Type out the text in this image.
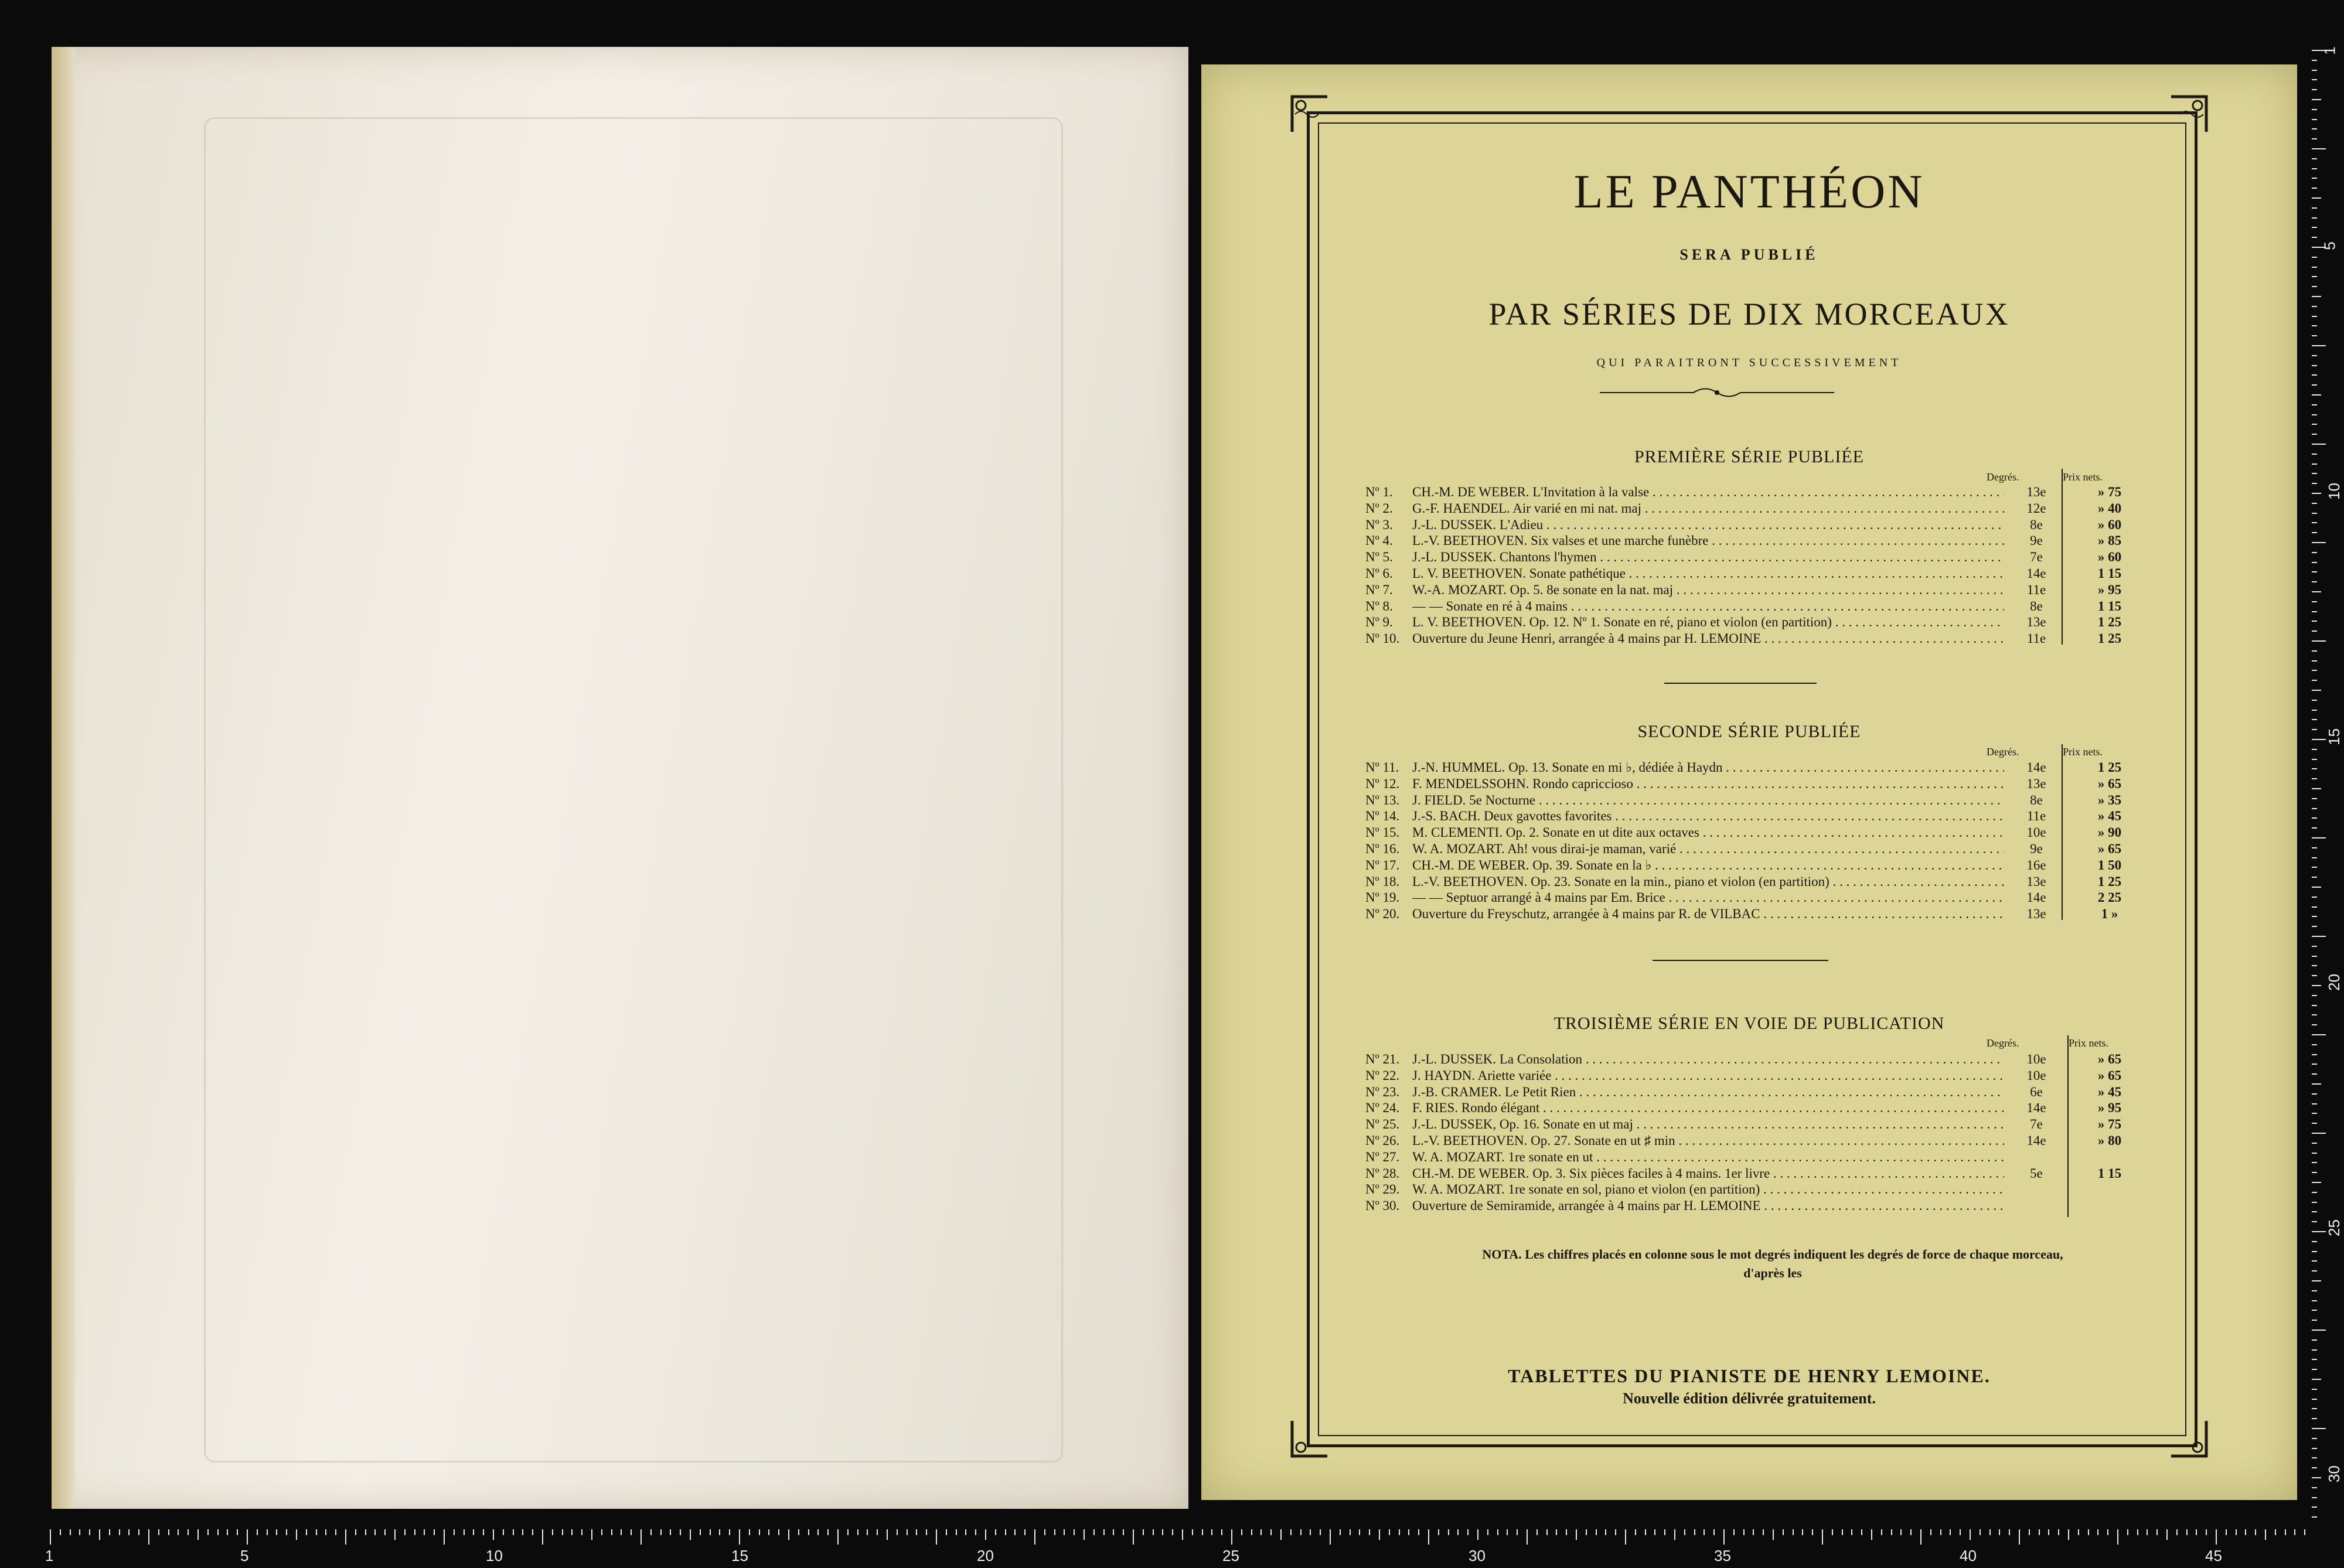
LE PANTHÉON
SERA PUBLIÉ
PAR SÉRIES DE DIX MORCEAUX
QUI PARAITRONT SUCCESSIVEMENT
PREMIÈRE SÉRIE PUBLIÉE
Degrés.	Prix nets.
Nº 1.	CH.-M. DE WEBER. L'Invitation à la valse . . .	13e	» 75
Nº 2.	G.-F. HAENDEL. Air varié en mi nat. maj . . .	12e	» 40
Nº 3.	J.-L. DUSSEK. L'Adieu . . .	8e	» 60
Nº 4.	L.-V. BEETHOVEN. Six valses et une marche funèbre . . .	9e	» 85
Nº 5.	J.-L. DUSSEK. Chantons l'hymen . . .	7e	» 60
Nº 6.	L. V. BEETHOVEN. Sonate pathétique . . .	14e	1 15
Nº 7.	W.-A. MOZART. Op. 5. 8e sonate en la nat. maj . . .	11e	» 95
Nº 8.	— — Sonate en ré à 4 mains . . .	8e	1 15
Nº 9.	L. V. BEETHOVEN. Op. 12. Nº 1. Sonate en ré, piano et violon (en partition) . . .	13e	1 25
Nº 10. Ouverture du Jeune Henri, arrangée à 4 mains par H. LEMOINE . . .	11e	1 25
SECONDE SÉRIE PUBLIÉE
Degrés.	Prix nets.
Nº 11. J.-N. HUMMEL. Op. 13. Sonate en mi ♭, dédiée à Haydn . . .	14e	1 25
Nº 12. F. MENDELSSOHN. Rondo capriccioso . . .	13e	» 65
Nº 13. J. FIELD. 5e Nocturne . . .	8e	» 35
Nº 14. J.-S. BACH. Deux gavottes favorites . . .	11e	» 45
Nº 15. M. CLEMENTI. Op. 2. Sonate en ut dite aux octaves . . .	10e	» 90
Nº 16. W. A. MOZART. Ah! vous dirai-je maman, varié . . .	9e	» 65
Nº 17. CH.-M. DE WEBER. Op. 39. Sonate en la ♭ . . .	16e	1 50
Nº 18. L.-V. BEETHOVEN. Op. 23. Sonate en la min., piano et violon (en partition) . . .	13e	1 25
Nº 19. — — Septuor arrangé à 4 mains par Em. Brice . . .	14e	2 25
Nº 20. Ouverture du Freyschutz, arrangée à 4 mains par R. de VILBAC . . .	13e	1 »
TROISIÈME SÉRIE EN VOIE DE PUBLICATION
Degrés.	Prix nets.
Nº 21. J.-L. DUSSEK. La Consolation . . .	10e	» 65
Nº 22. J. HAYDN. Ariette variée . . .	10e	» 65
Nº 23. J.-B. CRAMER. Le Petit Rien . . .	6e	» 45
Nº 24. F. RIES. Rondo élégant . . .	14e	» 95
Nº 25. J.-L. DUSSEK, Op. 16. Sonate en ut maj . . .	7e	» 75
Nº 26. L.-V. BEETHOVEN. Op. 27. Sonate en ut ♯ min . . .	14e	» 80
Nº 27. W. A. MOZART. 1re sonate en ut . . .
Nº 28. CH.-M. DE WEBER. Op. 3. Six pièces faciles à 4 mains. 1er livre . . .	5e	1 15
Nº 29. W. A. MOZART. 1re sonate en sol, piano et violon (en partition) . . .
Nº 30. Ouverture de Semiramide, arrangée à 4 mains par H. LEMOINE . . .
NOTA. Les chiffres placés en colonne sous le mot degrés indiquent les degrés de force de chaque morceau,
d'après les
TABLETTES DU PIANISTE DE HENRY LEMOINE.
Nouvelle édition délivrée gratuitement.
1
5
10
15
20
25
30
1	5	10	15	20	25	30	35	40	45
